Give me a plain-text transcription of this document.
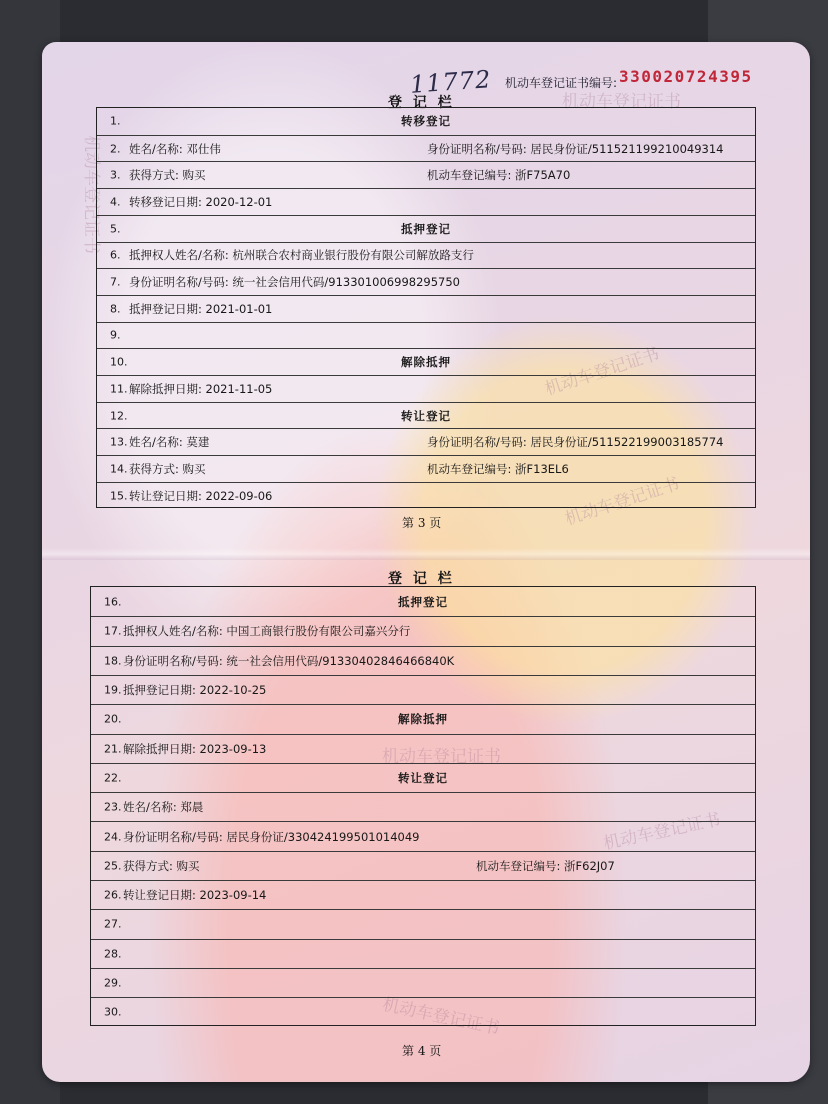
机动车登记证书
机动车登记证书
机动车登记证书
机动车登记证书
机动车登记证书
机动车登记证书
机动车登记证书
11772 机动车登记证书编号: 330020724395
登 记 栏
1.	转移登记
2. 姓名/名称: 邓仕伟	身份证明名称/号码: 居民身份证/511521199210049314
3. 获得方式: 购买	机动车登记编号: 浙F75A70
4. 转移登记日期: 2020-12-01
5.	抵押登记
6. 抵押权人姓名/名称: 杭州联合农村商业银行股份有限公司解放路支行
7. 身份证明名称/号码: 统一社会信用代码/913301006998295750
8. 抵押登记日期: 2021-01-01
9.
10.	解除抵押
11. 解除抵押日期: 2021-11-05
12.	转让登记
13. 姓名/名称: 莫建	身份证明名称/号码: 居民身份证/511522199003185774
14. 获得方式: 购买	机动车登记编号: 浙F13EL6
15. 转让登记日期: 2022-09-06
第 3 页
登 记 栏
16.	抵押登记
17. 抵押权人姓名/名称: 中国工商银行股份有限公司嘉兴分行
18. 身份证明名称/号码: 统一社会信用代码/913304028464668​40K
19. 抵押登记日期: 2022-10-25
20.	解除抵押
21. 解除抵押日期: 2023-09-13
22.	转让登记
23. 姓名/名称: 郑晨
24. 身份证明名称/号码: 居民身份证/330424199501014049
25. 获得方式: 购买	机动车登记编号: 浙F62J07
26. 转让登记日期: 2023-09-14
27.
28.
29.
30.
第 4 页
